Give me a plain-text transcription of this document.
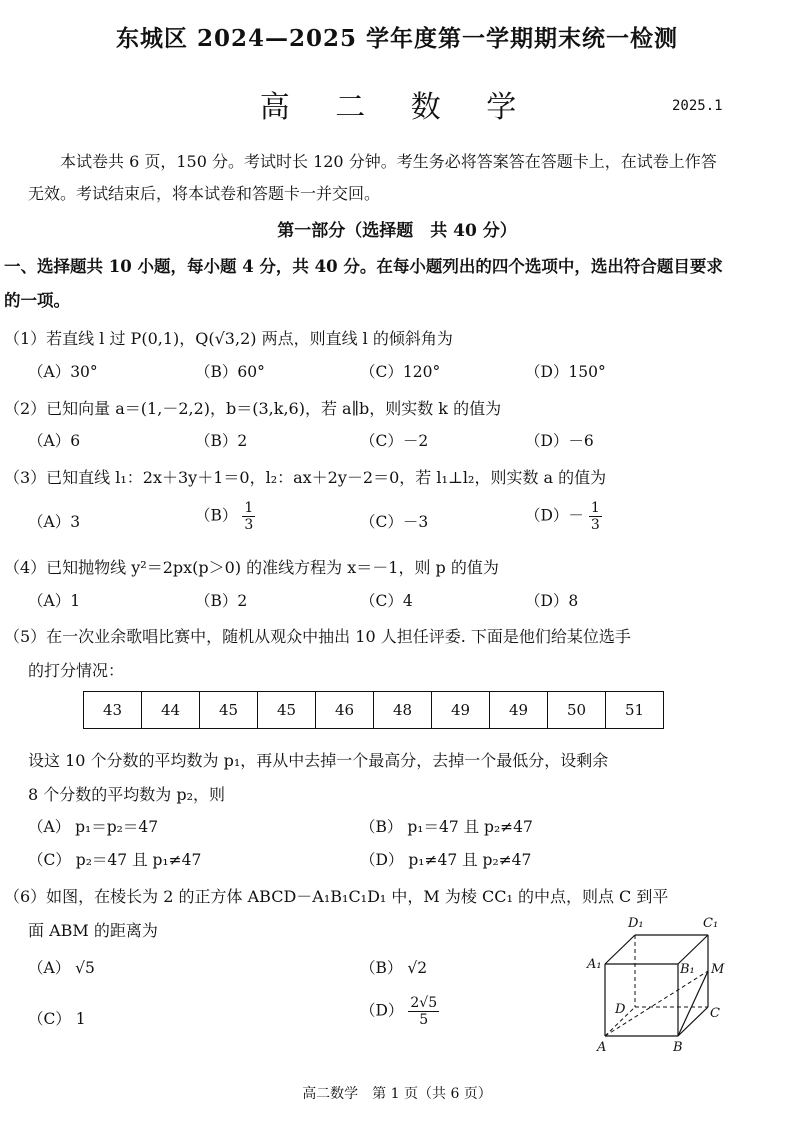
东城区 2024—2025 学年度第一学期期末统一检测
高 二 数 学	2025.1
本试卷共 6 页，150 分。考试时长 120 分钟。考生务必将答案答在答题卡上，在试卷上作答无效。考试结束后，将本试卷和答题卡一并交回。
第一部分（选择题　共 40 分）
一、选择题共 10 小题，每小题 4 分，共 40 分。在每小题列出的四个选项中，选出符合题目要求的一项。
（1）若直线 l 过 P(0,1)，Q(√3,2) 两点，则直线 l 的倾斜角为
（A）30°	（B）60°	（C）120°	（D）150°
（2）已知向量 a＝(1,－2,2)，b＝(3,k,6)，若 a∥b，则实数 k 的值为
（A）6	（B）2	（C）－2	（D）－6
（3）已知直线 l₁：2x＋3y＋1＝0，l₂：ax＋2y－2＝0，若 l₁⊥l₂，则实数 a 的值为
（A）3	$(B) \frac{1}{3}$	（C）－3	$(D)- \frac{1}{3}$
（4）已知抛物线 y²＝2px(p＞0) 的准线方程为 x＝－1，则 p 的值为
（A）1	（B）2	（C）4	（D）8
（5）在一次业余歌唱比赛中，随机从观众中抽出 10 人担任评委. 下面是他们给某位选手
的打分情况：
43	44	45	45	46	48	49	49	50	51
设这 10 个分数的平均数为 p₁，再从中去掉一个最高分，去掉一个最低分，设剩余
8 个分数的平均数为 p₂，则
（A） p₁＝p₂＝47	（B） p₁＝47 且 p₂≠47
（C） p₂＝47 且 p₁≠47	（D） p₁≠47 且 p₂≠47
（6）如图，在棱长为 2 的正方体 ABCD－A₁B₁C₁D₁ 中，M 为棱 CC₁ 的中点，则点 C 到平
面 ABM 的距离为
（A） √5	（B） √2
（C） 1	$(D) \frac{2√5}{5}$
D₁	C₁
A₁	B₁ M
D	C
A	B
高二数学　第 1 页（共 6 页）
